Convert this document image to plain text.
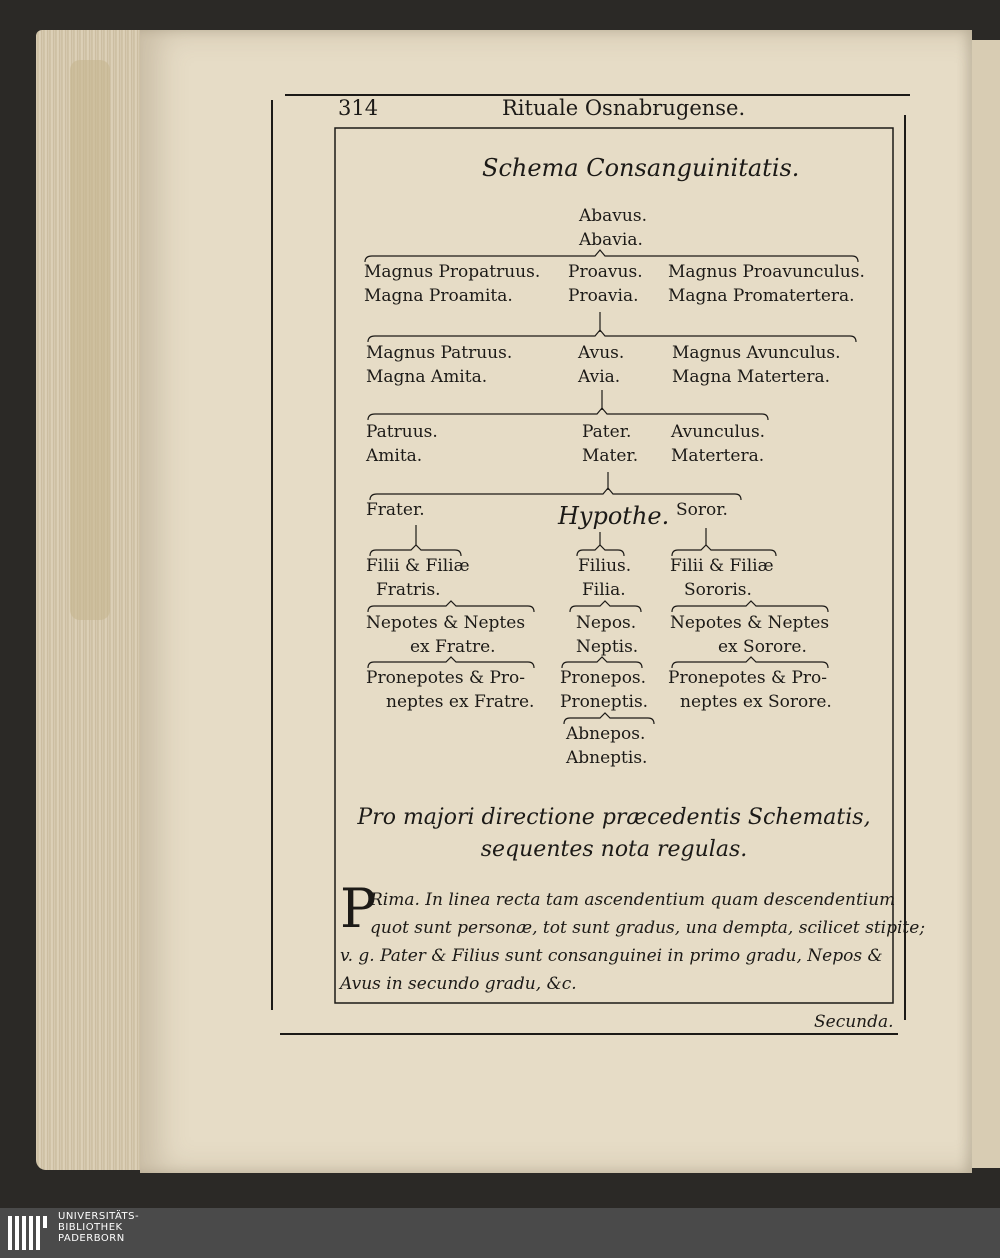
314	Rituale Osnabrugense.
Schema Consanguinitatis.
Abavus.
Abavia.
Magnus Propatruus.
Magna Proamita.
Proavus.
Proavia.
Magnus Proavunculus.
Magna Promatertera.
Magnus Patruus.
Magna Amita.
Avus.
Avia.
Magnus Avunculus.
Magna Matertera.
Patruus.
Amita.
Pater.
Mater.
Avunculus.
Matertera.
Frater.	Hypothe. Soror.
Filii & Filiæ
Fratris.
Filius.
Filia.
Filii & Filiæ
Sororis.
Nepotes & Neptes
ex Fratre.
Nepos.
Neptis.
Nepotes & Neptes
ex Sorore.
Pronepotes & Pro-
neptes ex Fratre.
Pronepos.
Proneptis.
Pronepotes & Pro-
neptes ex Sorore.
Abnepos.
Abneptis.
Pro majori directione præcedentis Schematis,
sequentes nota regulas.
P
Rima. In linea recta tam ascendentium quam descendentium
quot sunt personæ, tot sunt gradus, una dempta, scilicet stipite;
v. g. Pater & Filius sunt consanguinei in primo gradu, Nepos &
Avus in secundo gradu, &c.
Secunda.
UNIVERSITÄTS-
BIBLIOTHEK
PADERBORN
